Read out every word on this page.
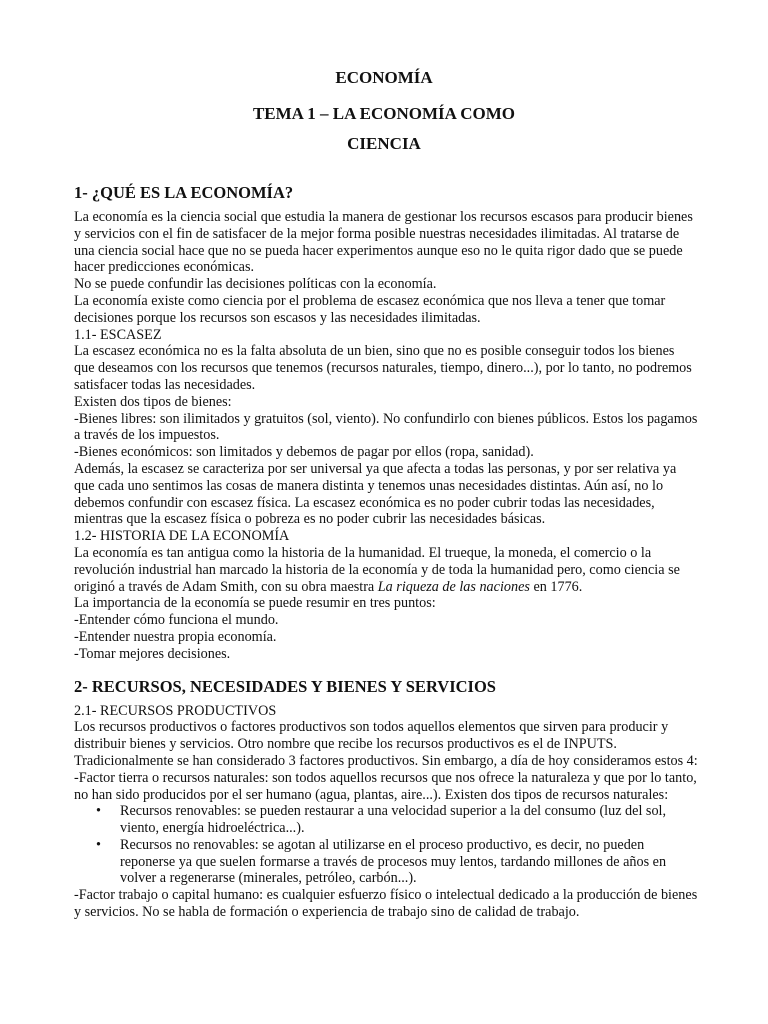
ECONOMÍA
TEMA 1 – LA ECONOMÍA COMO
CIENCIA
1- ¿QUÉ ES LA ECONOMÍA?

La economía es la ciencia social que estudia la manera de gestionar los recursos escasos para producir bienes y servicios con el fin de satisfacer de la mejor forma posible nuestras necesidades ilimitadas. Al tratarse de una ciencia social hace que no se pueda hacer experimentos aunque eso no le quita rigor dado que se puede hacer predicciones económicas.

No se puede confundir las decisiones políticas con la economía.

La economía existe como ciencia por el problema de escasez económica que nos lleva a tener que tomar decisiones porque los recursos son escasos y las necesidades ilimitadas.

1.1- ESCASEZ

La escasez económica no es la falta absoluta de un bien, sino que no es posible conseguir todos los bienes que deseamos con los recursos que tenemos (recursos naturales, tiempo, dinero...), por lo tanto, no podremos satisfacer todas las necesidades.

Existen dos tipos de bienes:

-Bienes libres: son ilimitados y gratuitos (sol, viento). No confundirlo con bienes públicos. Estos los pagamos a través de los impuestos.

-Bienes económicos: son limitados y debemos de pagar por ellos (ropa, sanidad).

Además, la escasez se caracteriza por ser universal ya que afecta a todas las personas, y por ser relativa ya que cada uno sentimos las cosas de manera distinta y tenemos unas necesidades distintas. Aún así, no lo debemos confundir con escasez física. La escasez económica es no poder cubrir todas las necesidades, mientras que la escasez física o pobreza es no poder cubrir las necesidades básicas.

1.2- HISTORIA DE LA ECONOMÍA

La economía es tan antigua como la historia de la humanidad. El trueque, la moneda, el comercio o la revolución industrial han marcado la historia de la economía y de toda la humanidad pero, como ciencia se originó a través de Adam Smith, con su obra maestra La riqueza de las naciones en 1776.

La importancia de la economía se puede resumir en tres puntos:

-Entender cómo funciona el mundo.

-Entender nuestra propia economía.

-Tomar mejores decisiones.

2- RECURSOS, NECESIDADES Y BIENES Y SERVICIOS

2.1- RECURSOS PRODUCTIVOS

Los recursos productivos o factores productivos son todos aquellos elementos que sirven para producir y distribuir bienes y servicios. Otro nombre que recibe los recursos productivos es el de INPUTS. Tradicionalmente se han considerado 3 factores productivos. Sin embargo, a día de hoy consideramos estos 4:

-Factor tierra o recursos naturales: son todos aquellos recursos que nos ofrece la naturaleza y que por lo tanto, no han sido producidos por el ser humano (agua, plantas, aire...). Existen dos tipos de recursos naturales:

• Recursos renovables: se pueden restaurar a una velocidad superior a la del consumo (luz del sol, viento, energía hidroeléctrica...).
• Recursos no renovables: se agotan al utilizarse en el proceso productivo, es decir, no pueden reponerse ya que suelen formarse a través de procesos muy lentos, tardando millones de años en volver a regenerarse (minerales, petróleo, carbón...).

-Factor trabajo o capital humano: es cualquier esfuerzo físico o intelectual dedicado a la producción de bienes y servicios. No se habla de formación o experiencia de trabajo sino de calidad de trabajo.
